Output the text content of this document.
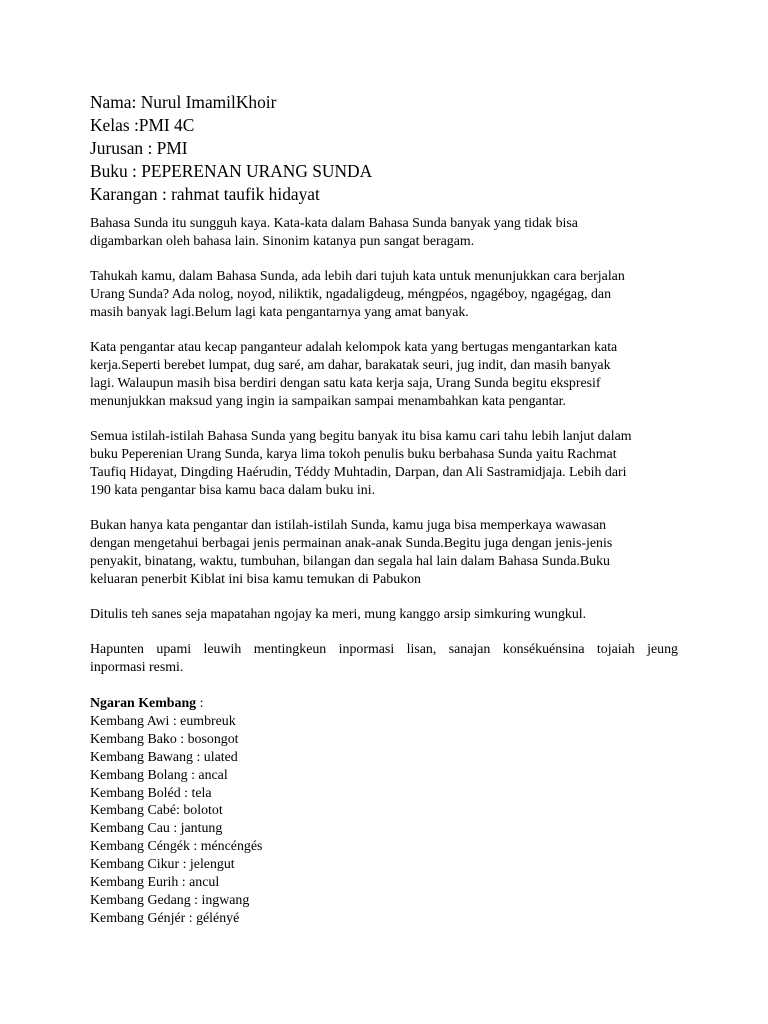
Nama: Nurul ImamilKhoir
Kelas :PMI 4C
Jurusan : PMI
Buku : PEPERENAN URANG SUNDA
Karangan : rahmat taufik hidayat
Bahasa Sunda itu sungguh kaya. Kata-kata dalam Bahasa Sunda banyak yang tidak bisa
digambarkan oleh bahasa lain. Sinonim katanya pun sangat beragam.
Tahukah kamu, dalam Bahasa Sunda, ada lebih dari tujuh kata untuk menunjukkan cara berjalan
Urang Sunda? Ada nolog, noyod, niliktik, ngadaligdeug, méngpéos, ngagéboy, ngagégag, dan
masih banyak lagi.Belum lagi kata pengantarnya yang amat banyak.
Kata pengantar atau kecap panganteur adalah kelompok kata yang bertugas mengantarkan kata
kerja.Seperti berebet lumpat, dug saré, am dahar, barakatak seuri, jug indit, dan masih banyak
lagi. Walaupun masih bisa berdiri dengan satu kata kerja saja, Urang Sunda begitu ekspresif
menunjukkan maksud yang ingin ia sampaikan sampai menambahkan kata pengantar.
Semua istilah-istilah Bahasa Sunda yang begitu banyak itu bisa kamu cari tahu lebih lanjut dalam
buku Peperenian Urang Sunda, karya lima tokoh penulis buku berbahasa Sunda yaitu Rachmat
Taufiq Hidayat, Dingding Haérudin, Téddy Muhtadin, Darpan, dan Ali Sastramidjaja. Lebih dari
190 kata pengantar bisa kamu baca dalam buku ini.
Bukan hanya kata pengantar dan istilah-istilah Sunda, kamu juga bisa memperkaya wawasan
dengan mengetahui berbagai jenis permainan anak-anak Sunda.Begitu juga dengan jenis-jenis
penyakit, binatang, waktu, tumbuhan, bilangan dan segala hal lain dalam Bahasa Sunda.Buku
keluaran penerbit Kiblat ini bisa kamu temukan di Pabukon
Ditulis teh sanes seja mapatahan ngojay ka meri, mung kanggo arsip simkuring wungkul.
Hapunten upami leuwih mentingkeun inpormasi lisan, sanajan konsékuénsina tojaiah jeung
inpormasi resmi.
Ngaran Kembang :
Kembang Awi : eumbreuk
Kembang Bako : bosongot
Kembang Bawang : ulated
Kembang Bolang : ancal
Kembang Boléd : tela
Kembang Cabé: bolotot
Kembang Cau : jantung
Kembang Céngék : méncéngés
Kembang Cikur : jelengut
Kembang Eurih : ancul
Kembang Gedang : ingwang
Kembang Génjér : gélényé
